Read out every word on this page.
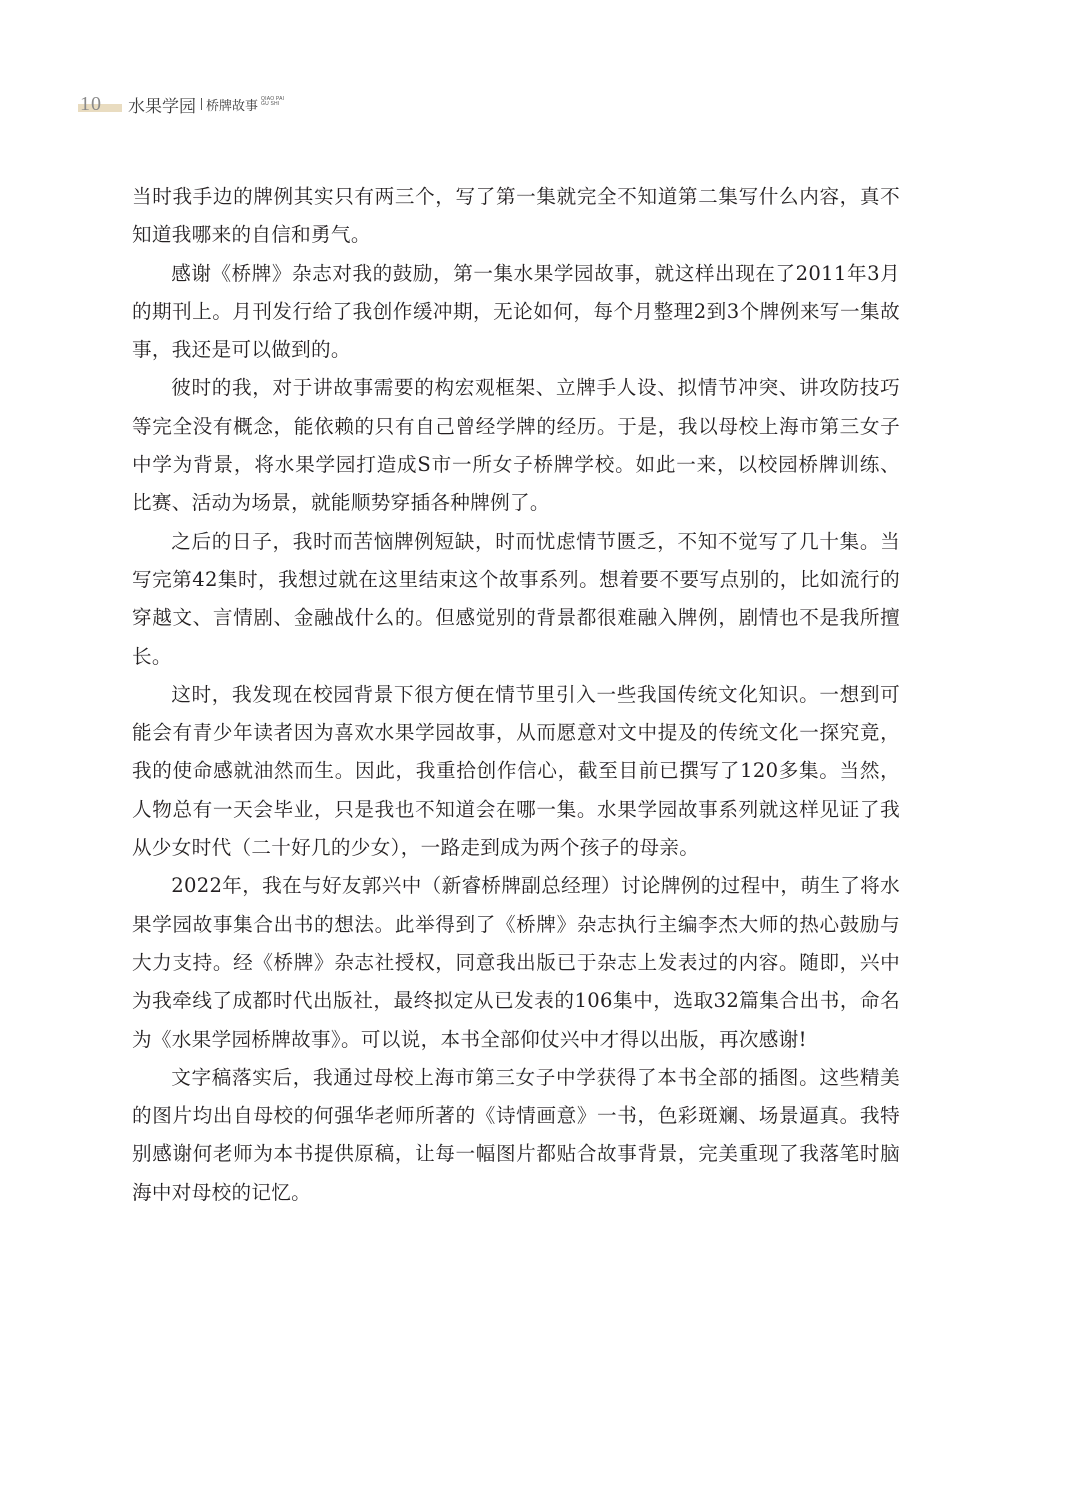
10 水果学园 桥牌故事 QIAO PAI
GU SHI

当时我手边的牌例其实只有两三个，写了第一集就完全不知道第二集写什么内容，真不知道我哪来的自信和勇气。

感谢《桥牌》杂志对我的鼓励，第一集水果学园故事，就这样出现在了2011年3月的期刊上。月刊发行给了我创作缓冲期，无论如何，每个月整理2到3个牌例来写一集故事，我还是可以做到的。

彼时的我，对于讲故事需要的构宏观框架、立牌手人设、拟情节冲突、讲攻防技巧等完全没有概念，能依赖的只有自己曾经学牌的经历。于是，我以母校上海市第三女子中学为背景，将水果学园打造成S市一所女子桥牌学校。如此一来，以校园桥牌训练、比赛、活动为场景，就能顺势穿插各种牌例了。

之后的日子，我时而苦恼牌例短缺，时而忧虑情节匮乏，不知不觉写了几十集。当写完第42集时，我想过就在这里结束这个故事系列。想着要不要写点别的，比如流行的穿越文、言情剧、金融战什么的。但感觉别的背景都很难融入牌例，剧情也不是我所擅长。

这时，我发现在校园背景下很方便在情节里引入一些我国传统文化知识。一想到可能会有青少年读者因为喜欢水果学园故事，从而愿意对文中提及的传统文化一探究竟，我的使命感就油然而生。因此，我重拾创作信心，截至目前已撰写了120多集。当然，人物总有一天会毕业，只是我也不知道会在哪一集。水果学园故事系列就这样见证了我从少女时代（二十好几的少女），一路走到成为两个孩子的母亲。

2022年，我在与好友郭兴中（新睿桥牌副总经理）讨论牌例的过程中，萌生了将水果学园故事集合出书的想法。此举得到了《桥牌》杂志执行主编李杰大师的热心鼓励与大力支持。经《桥牌》杂志社授权，同意我出版已于杂志上发表过的内容。随即，兴中为我牵线了成都时代出版社，最终拟定从已发表的106集中，选取32篇集合出书，命名为《水果学园桥牌故事》。可以说，本书全部仰仗兴中才得以出版，再次感谢!

文字稿落实后，我通过母校上海市第三女子中学获得了本书全部的插图。这些精美的图片均出自母校的何强华老师所著的《诗情画意》一书，色彩斑斓、场景逼真。我特别感谢何老师为本书提供原稿，让每一幅图片都贴合故事背景，完美重现了我落笔时脑海中对母校的记忆。
